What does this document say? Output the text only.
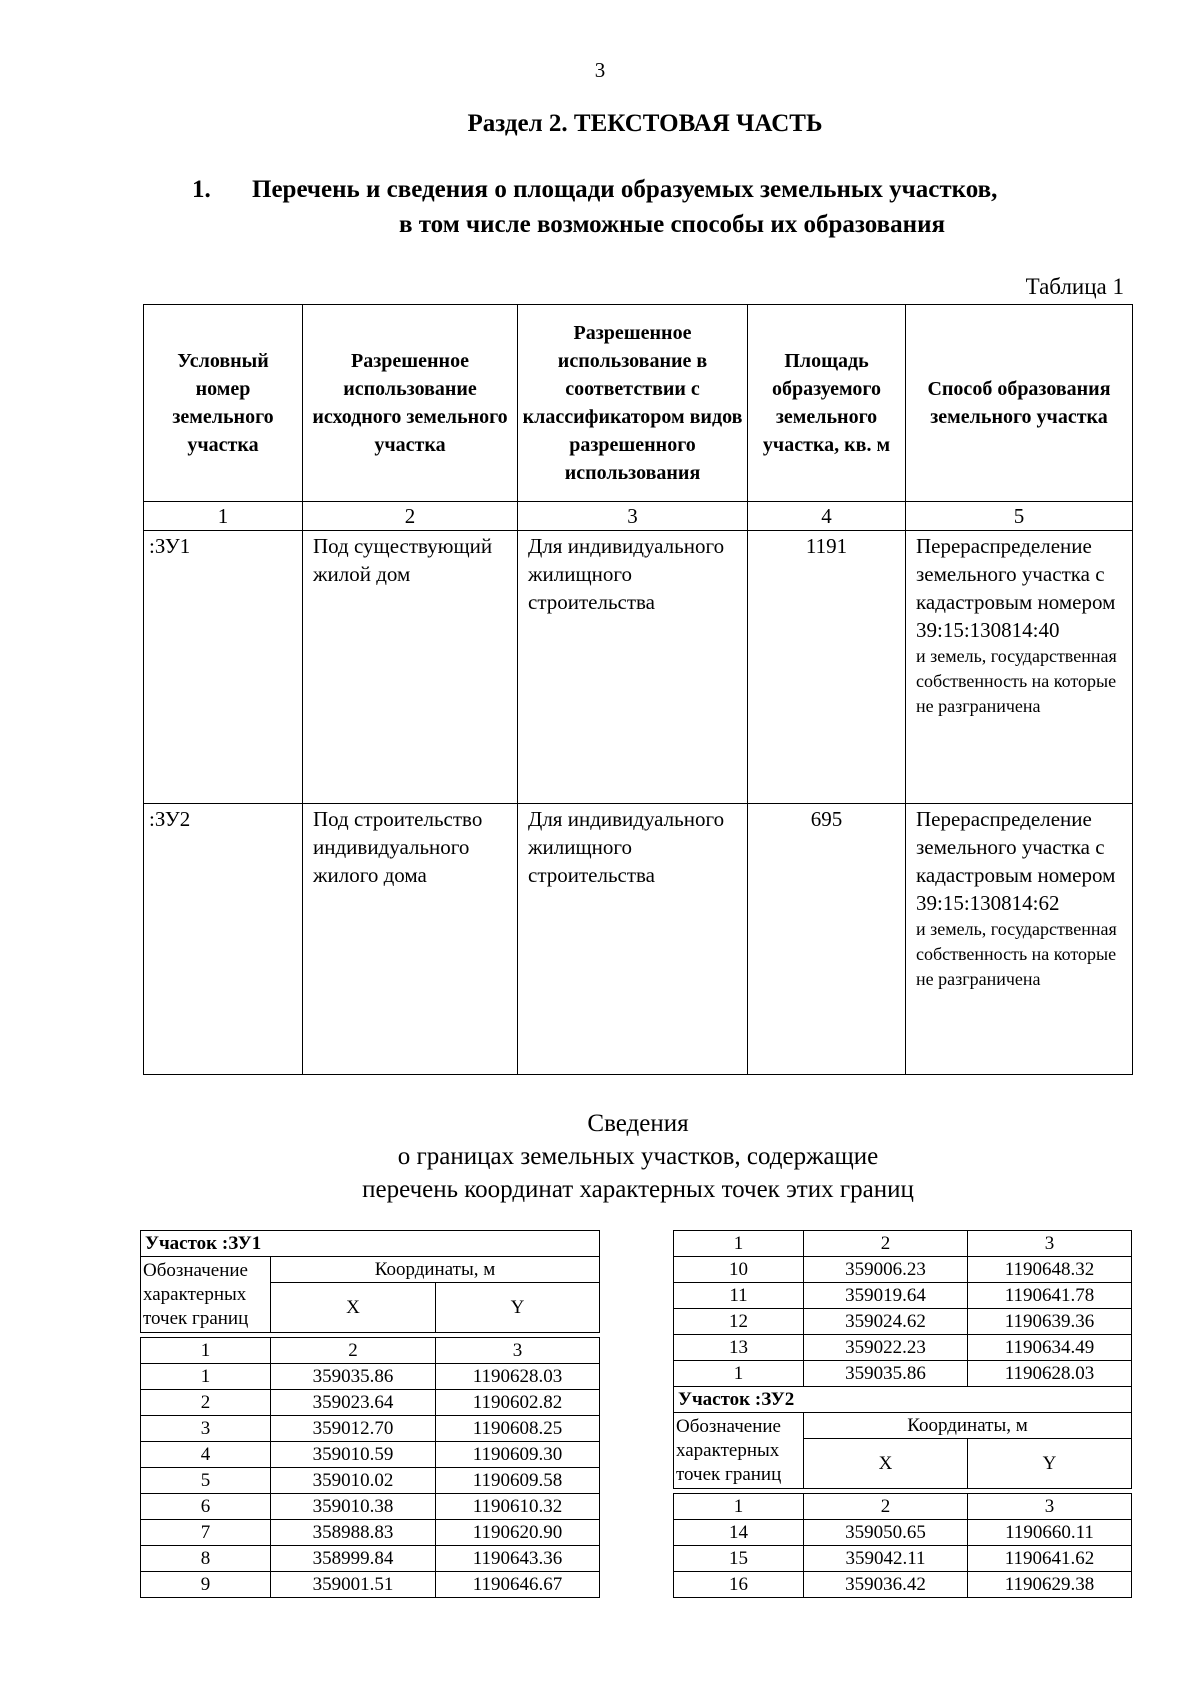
3
Раздел 2. ТЕКСТОВАЯ ЧАСТЬ
1. Перечень и сведения о площади образуемых земельных участков,
в том числе возможные способы их образования
Таблица 1
Условный номер земельного участка	Разрешенное использование исходного земельного участка	Разрешенное использование в соответствии с классификатором видов разрешенного использования	Площадь образуемого земельного участка, кв. м	Способ образования земельного участка
1	2	3	4	5
:ЗУ1	Под существующий жилой дом	Для индивидуального жилищного строительства	1191	Перераспределение земельного участка с кадастровым номером 39:15:130814:40
и земель, государственная собственность на которые не разграничена

:ЗУ2	Под строительство индивидуального жилого дома	Для индивидуального жилищного строительства	695	Перераспределение земельного участка с кадастровым номером 39:15:130814:62
и земель, государственная собственность на которые не разграничена
Сведения
о границах земельных участков, содержащие
перечень координат характерных точек этих границ
Участок :ЗУ1		
Обозначение характерных точек границ	Координаты, м	
	X	Y

1	2	3
1	359035.86	1190628.03
2	359023.64	1190602.82
3	359012.70	1190608.25
4	359010.59	1190609.30
5	359010.02	1190609.58
6	359010.38	1190610.32
7	358988.83	1190620.90
8	358999.84	1190643.36
9	359001.51	1190646.67
1	2	3
10	359006.23	1190648.32
11	359019.64	1190641.78
12	359024.62	1190639.36
13	359022.23	1190634.49
1	359035.86	1190628.03
Участок :ЗУ2		
Обозначение характерных точек границ	Координаты, м	
	X	Y

1	2	3
14	359050.65	1190660.11
15	359042.11	1190641.62
16	359036.42	1190629.38
